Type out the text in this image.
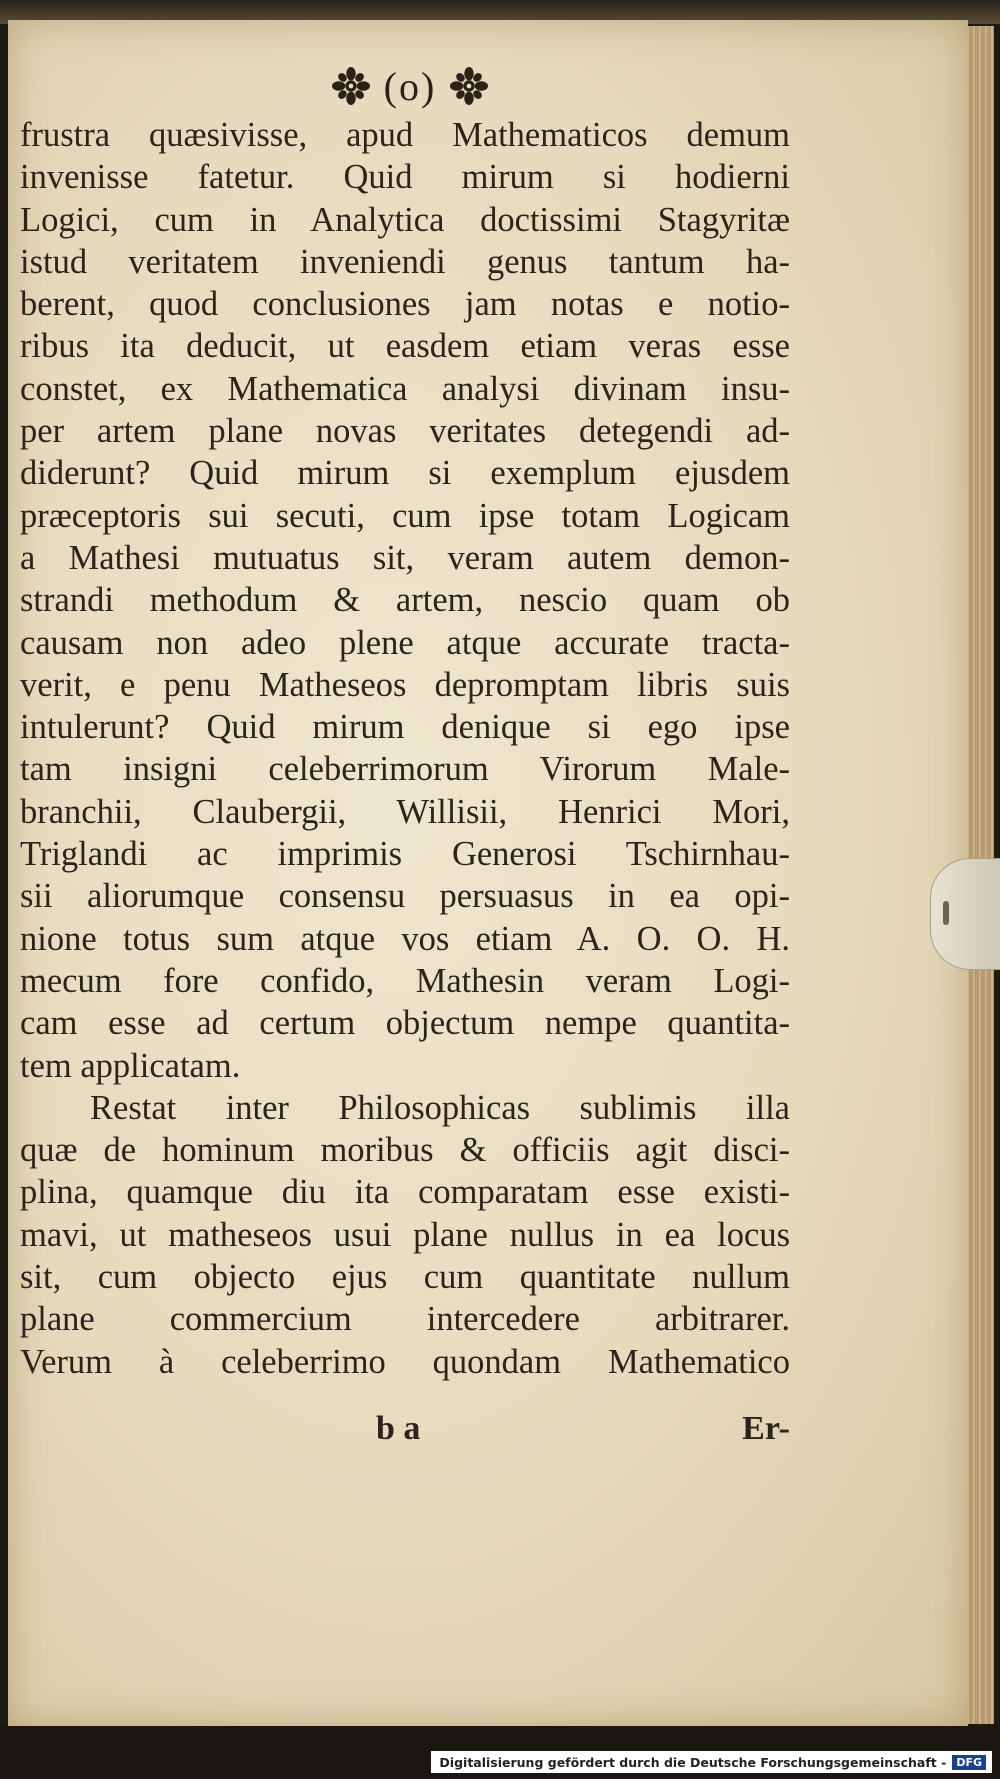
(o)
frustra quæsivisse, apud Mathematicos demum
invenisse fatetur. Quid mirum si hodierni
Logici, cum in Analytica doctissimi Stagyritæ
istud veritatem inveniendi genus tantum ha-
berent, quod conclusiones jam notas e notio-
ribus ita deducit, ut easdem etiam veras esse
constet, ex Mathematica analysi divinam insu-
per artem plane novas veritates detegendi ad-
diderunt? Quid mirum si exemplum ejusdem
præceptoris sui secuti, cum ipse totam Logicam
a Mathesi mutuatus sit, veram autem demon-
strandi methodum & artem, nescio quam ob
causam non adeo plene atque accurate tracta-
verit, e penu Matheseos depromptam libris suis
intulerunt? Quid mirum denique si ego ipse
tam insigni celeberrimorum Virorum Male-
branchii, Claubergii, Willisii, Henrici Mori,
Triglandi ac imprimis Generosi Tschirnhau-
sii aliorumque consensu persuasus in ea opi-
nione totus sum atque vos etiam A. O. O. H.
mecum fore confido, Mathesin veram Logi-
cam esse ad certum objectum nempe quantita-
tem applicatam.
Restat inter Philosophicas sublimis illa
quæ de hominum moribus & officiis agit disci-
plina, quamque diu ita comparatam esse existi-
mavi, ut matheseos usui plane nullus in ea locus
sit, cum objecto ejus cum quantitate nullum
plane commercium intercedere arbitrarer.
Verum à celeberrimo quondam Mathematico
b a	Er-
Digitalisierung gefördert durch die Deutsche Forschungsgemeinschaft - DFG
